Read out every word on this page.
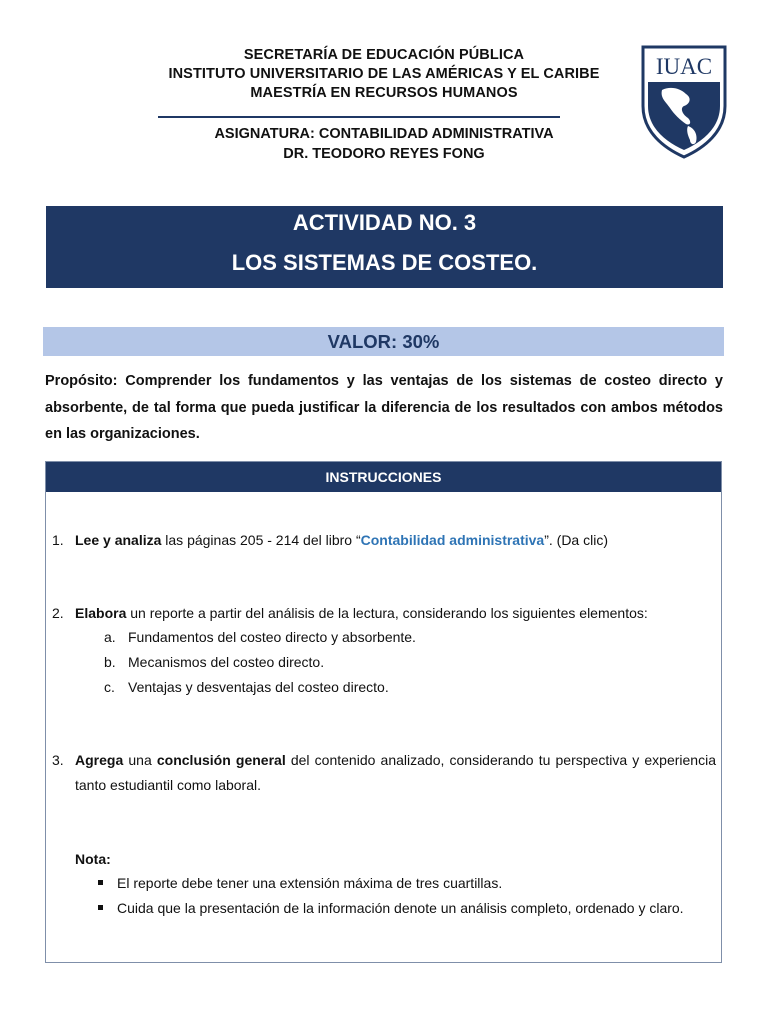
SECRETARÍA DE EDUCACIÓN PÚBLICA
INSTITUTO UNIVERSITARIO DE LAS AMÉRICAS Y EL CARIBE
MAESTRÍA EN RECURSOS HUMANOS
ASIGNATURA: CONTABILIDAD ADMINISTRATIVA
DR. TEODORO REYES FONG
IUAC
ACTIVIDAD NO. 3
LOS SISTEMAS DE COSTEO.
VALOR: 30%
Propósito: Comprender los fundamentos y las ventajas de los sistemas de costeo directo y absorbente, de tal forma que pueda justificar la diferencia de los resultados con ambos métodos en las organizaciones.
INSTRUCCIONES
1. Lee y analiza las páginas 205 - 214 del libro “Contabilidad administrativa”. (Da clic)
2. Elabora un reporte a partir del análisis de la lectura, considerando los siguientes elementos:
a. Fundamentos del costeo directo y absorbente.
b. Mecanismos del costeo directo.
c. Ventajas y desventajas del costeo directo.
3. Agrega una conclusión general del contenido analizado, considerando tu perspectiva y experiencia tanto estudiantil como laboral.
Nota:
El reporte debe tener una extensión máxima de tres cuartillas.
Cuida que la presentación de la información denote un análisis completo, ordenado y claro.
